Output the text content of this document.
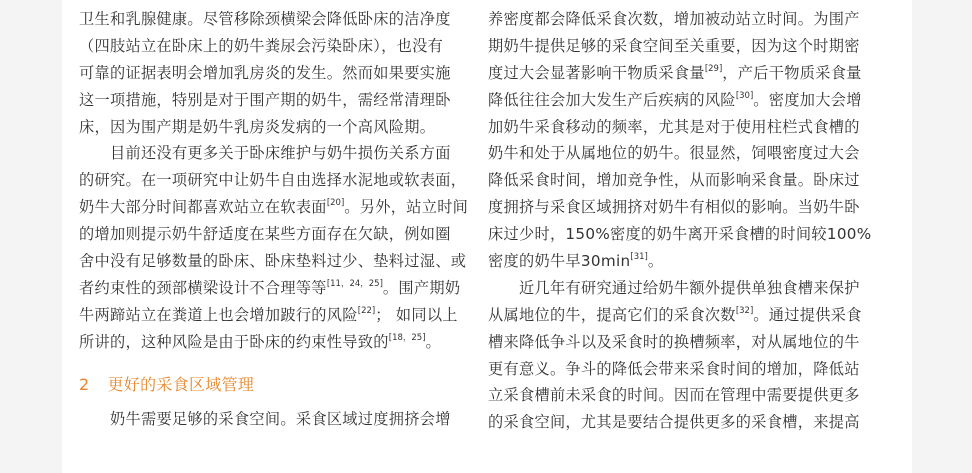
卫生和乳腺健康。尽管移除颈横梁会降低卧床的洁净度
（四肢站立在卧床上的奶牛粪尿会污染卧床），也没有
可靠的证据表明会增加乳房炎的发生。然而如果要实施
这一项措施，特别是对于围产期的奶牛，需经常清理卧
床，因为围产期是奶牛乳房炎发病的一个高风险期。
目前还没有更多关于卧床维护与奶牛损伤关系方面
的研究。在一项研究中让奶牛自由选择水泥地或软表面，
奶牛大部分时间都喜欢站立在软表面[20]。另外，站立时间
的增加则提示奶牛舒适度在某些方面存在欠缺，例如圈
舍中没有足够数量的卧床、卧床垫料过少、垫料过湿、或
者约束性的颈部横梁设计不合理等等[11，24，25]。围产期奶
牛两蹄站立在粪道上也会增加跛行的风险[22]； 如同以上
所讲的，这种风险是由于卧床的约束性导致的[18，25]。
2 更好的采食区域管理
奶牛需要足够的采食空间。采食区域过度拥挤会增
养密度都会降低采食次数，增加被动站立时间。为围产
期奶牛提供足够的采食空间至关重要，因为这个时期密
度过大会显著影响干物质采食量[29]，产后干物质采食量
降低往往会加大发生产后疾病的风险[30]。密度加大会增
加奶牛采食移动的频率，尤其是对于使用柱栏式食槽的
奶牛和处于从属地位的奶牛。很显然，饲喂密度过大会
降低采食时间，增加竞争性，从而影响采食量。卧床过
度拥挤与采食区域拥挤对奶牛有相似的影响。当奶牛卧
床过少时，150%密度的奶牛离开采食槽的时间较100%
密度的奶牛早30min[31]。
近几年有研究通过给奶牛额外提供单独食槽来保护
从属地位的牛，提高它们的采食次数[32]。通过提供采食
槽来降低争斗以及采食时的换槽频率，对从属地位的牛
更有意义。争斗的降低会带来采食时间的增加，降低站
立采食槽前未采食的时间。因而在管理中需要提供更多
的采食空间，尤其是要结合提供更多的采食槽，来提高
